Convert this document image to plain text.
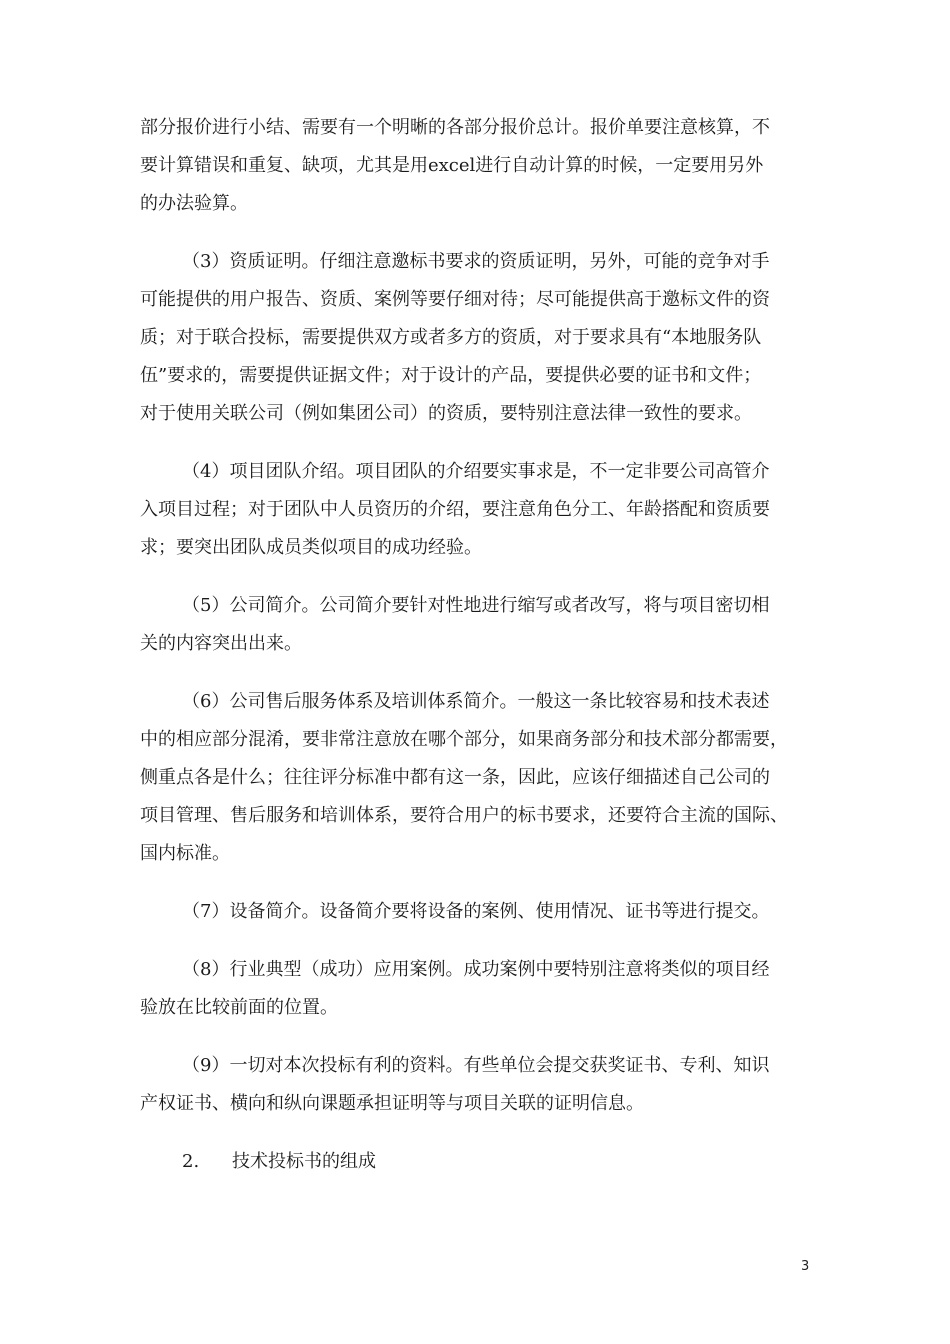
部分报价进行小结、需要有一个明晰的各部分报价总计。报价单要注意核算，不
要计算错误和重复、缺项，尤其是用excel进行自动计算的时候，一定要用另外
的办法验算。
（3）资质证明。仔细注意邀标书要求的资质证明，另外，可能的竞争对手
可能提供的用户报告、资质、案例等要仔细对待；尽可能提供高于邀标文件的资
质；对于联合投标，需要提供双方或者多方的资质，对于要求具有“本地服务队
伍”要求的，需要提供证据文件；对于设计的产品，要提供必要的证书和文件；
对于使用关联公司（例如集团公司）的资质，要特别注意法律一致性的要求。
（4）项目团队介绍。项目团队的介绍要实事求是，不一定非要公司高管介
入项目过程；对于团队中人员资历的介绍，要注意角色分工、年龄搭配和资质要
求；要突出团队成员类似项目的成功经验。
（5）公司简介。公司简介要针对性地进行缩写或者改写，将与项目密切相
关的内容突出出来。
（6）公司售后服务体系及培训体系简介。一般这一条比较容易和技术表述
中的相应部分混淆，要非常注意放在哪个部分，如果商务部分和技术部分都需要，
侧重点各是什么；往往评分标准中都有这一条，因此，应该仔细描述自己公司的
项目管理、售后服务和培训体系，要符合用户的标书要求，还要符合主流的国际、
国内标准。
（7）设备简介。设备简介要将设备的案例、使用情况、证书等进行提交。
（8）行业典型（成功）应用案例。成功案例中要特别注意将类似的项目经
验放在比较前面的位置。
（9）一切对本次投标有利的资料。有些单位会提交获奖证书、专利、知识
产权证书、横向和纵向课题承担证明等与项目关联的证明信息。
2. 技术投标书的组成
3
